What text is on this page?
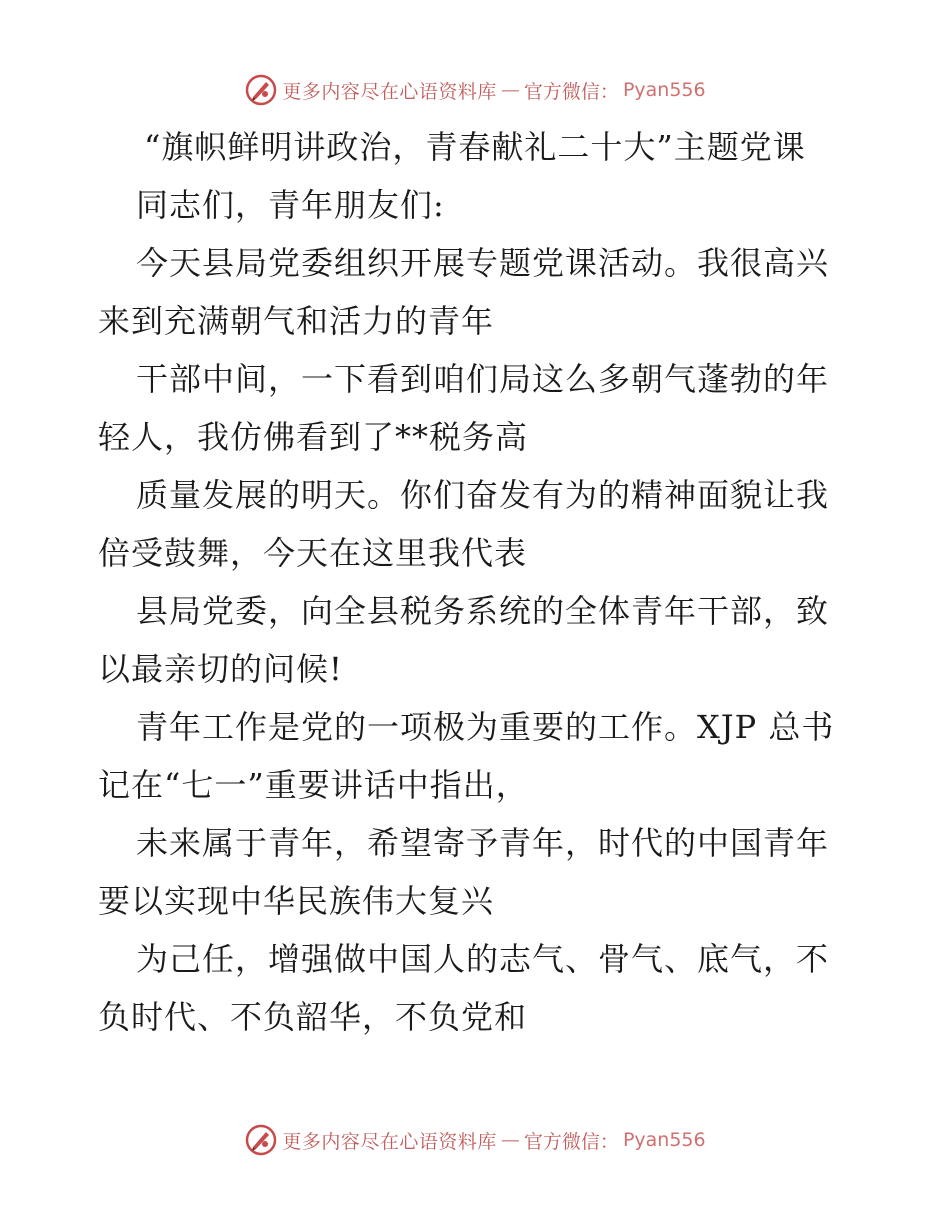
更多内容尽在心语资料库 — 官方微信： Pyan556
“旗帜鲜明讲政治，青春献礼二十大”主题党课
同志们，青年朋友们:
今天县局党委组织开展专题党课活动。我很高兴
来到充满朝气和活力的青年
干部中间，一下看到咱们局这么多朝气蓬勃的年
轻人，我仿佛看到了**税务高
质量发展的明天。你们奋发有为的精神面貌让我
倍受鼓舞，今天在这里我代表
县局党委，向全县税务系统的全体青年干部，致
以最亲切的问候!
青年工作是党的一项极为重要的工作。XJP 总书
记在“七一”重要讲话中指出，
未来属于青年，希望寄予青年，时代的中国青年
要以实现中华民族伟大复兴
为己任，增强做中国人的志气、骨气、底气，不
负时代、不负韶华，不负党和
更多内容尽在心语资料库 — 官方微信： Pyan556
